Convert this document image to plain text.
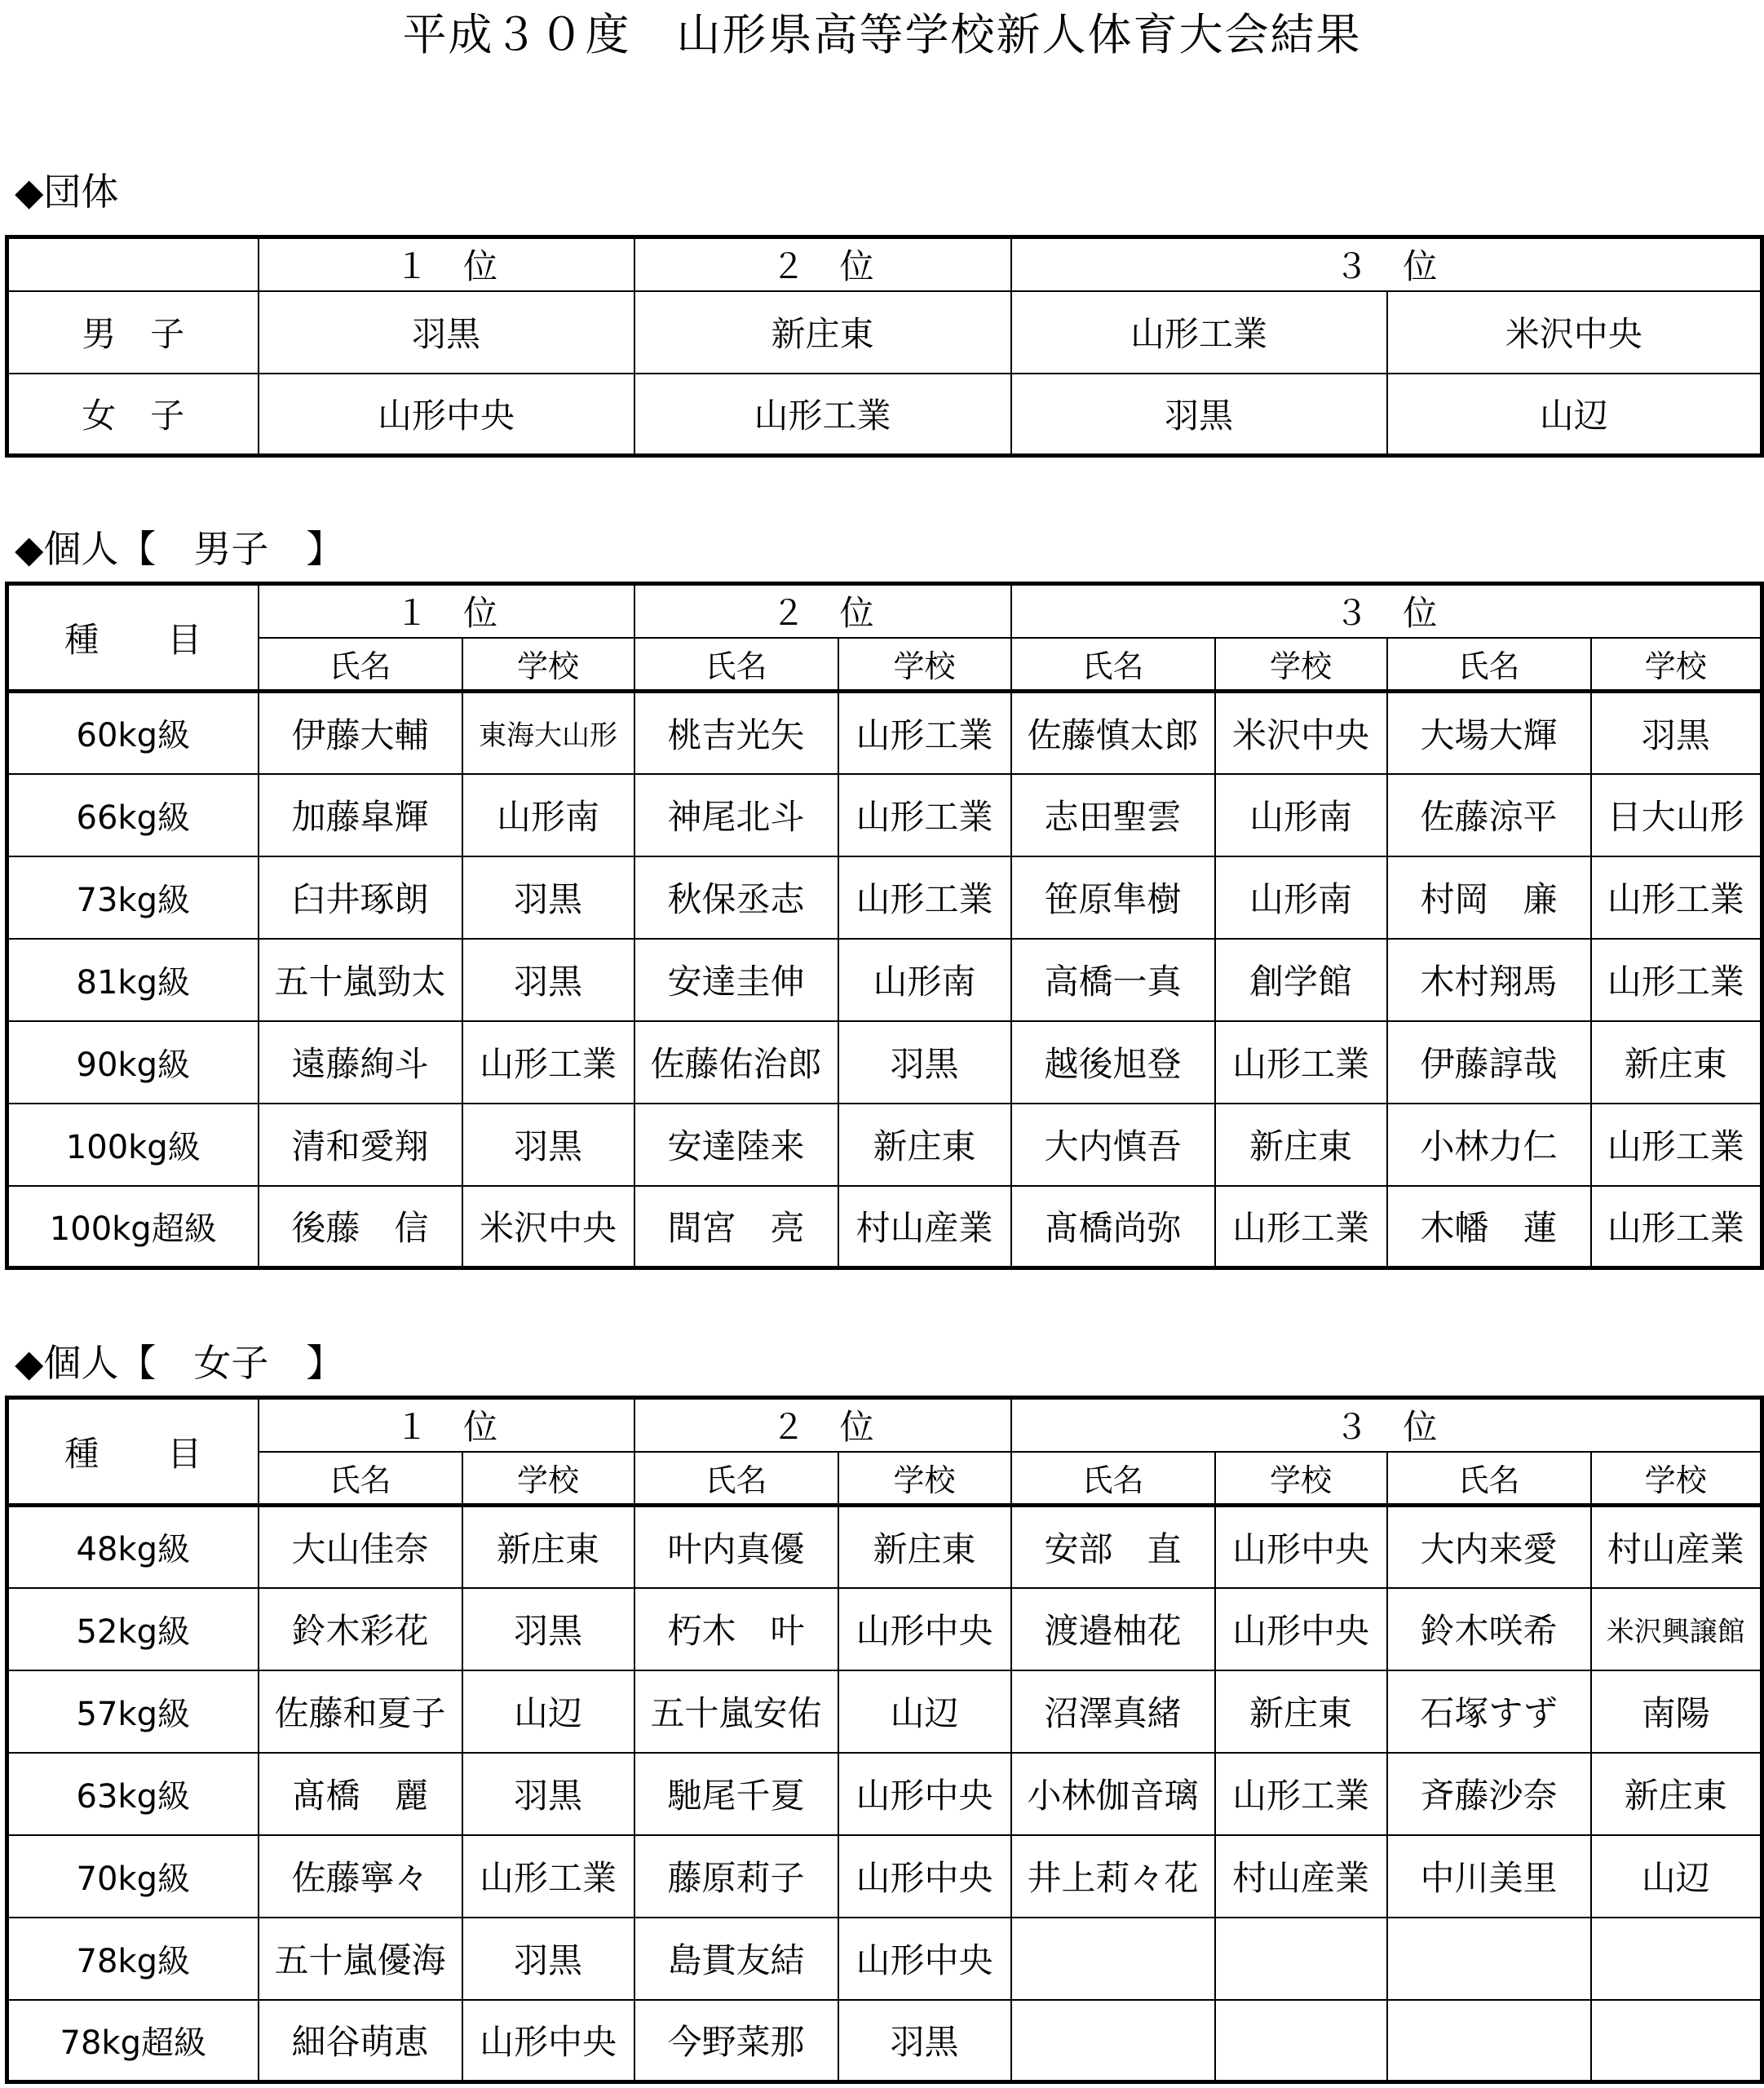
平成３０度　山形県高等学校新人体育大会結果
◆団体
	１　位	２　位	３　位	
男　子	羽黒	新庄東	山形工業	米沢中央
女　子	山形中央	山形工業	羽黒	山辺
◆個人【　男子　】
種　　目	１　位		２　位		３　位			
	氏名	学校	氏名	学校	氏名	学校	氏名	学校
60kg級	伊藤大輔	東海大山形	桃吉光矢	山形工業	佐藤慎太郎	米沢中央	大場大輝	羽黒
66kg級	加藤皐輝	山形南	神尾北斗	山形工業	志田聖雲	山形南	佐藤涼平	日大山形
73kg級	臼井琢朗	羽黒	秋保丞志	山形工業	笹原隼樹	山形南	村岡　廉	山形工業
81kg級	五十嵐勁太	羽黒	安達圭伸	山形南	高橋一真	創学館	木村翔馬	山形工業
90kg級	遠藤絢斗	山形工業	佐藤佑治郎	羽黒	越後旭登	山形工業	伊藤諄哉	新庄東
100kg級	清和愛翔	羽黒	安達陸来	新庄東	大内慎吾	新庄東	小林力仁	山形工業
100kg超級	後藤　信	米沢中央	間宮　亮	村山産業	髙橋尚弥	山形工業	木幡　蓮	山形工業
◆個人【　女子　】
種　　目	１　位		２　位		３　位			
	氏名	学校	氏名	学校	氏名	学校	氏名	学校
48kg級	大山佳奈	新庄東	叶内真優	新庄東	安部　直	山形中央	大内来愛	村山産業
52kg級	鈴木彩花	羽黒	朽木　叶	山形中央	渡邉柚花	山形中央	鈴木咲希	米沢興譲館
57kg級	佐藤和夏子	山辺	五十嵐安佑	山辺	沼澤真緒	新庄東	石塚すず	南陽
63kg級	髙橋　麗	羽黒	馳尾千夏	山形中央	小林伽音璃	山形工業	斉藤沙奈	新庄東
70kg級	佐藤寧々	山形工業	藤原莉子	山形中央	井上莉々花	村山産業	中川美里	山辺
78kg級	五十嵐優海	羽黒	島貫友結	山形中央				
78kg超級	細谷萌恵	山形中央	今野菜那	羽黒				
